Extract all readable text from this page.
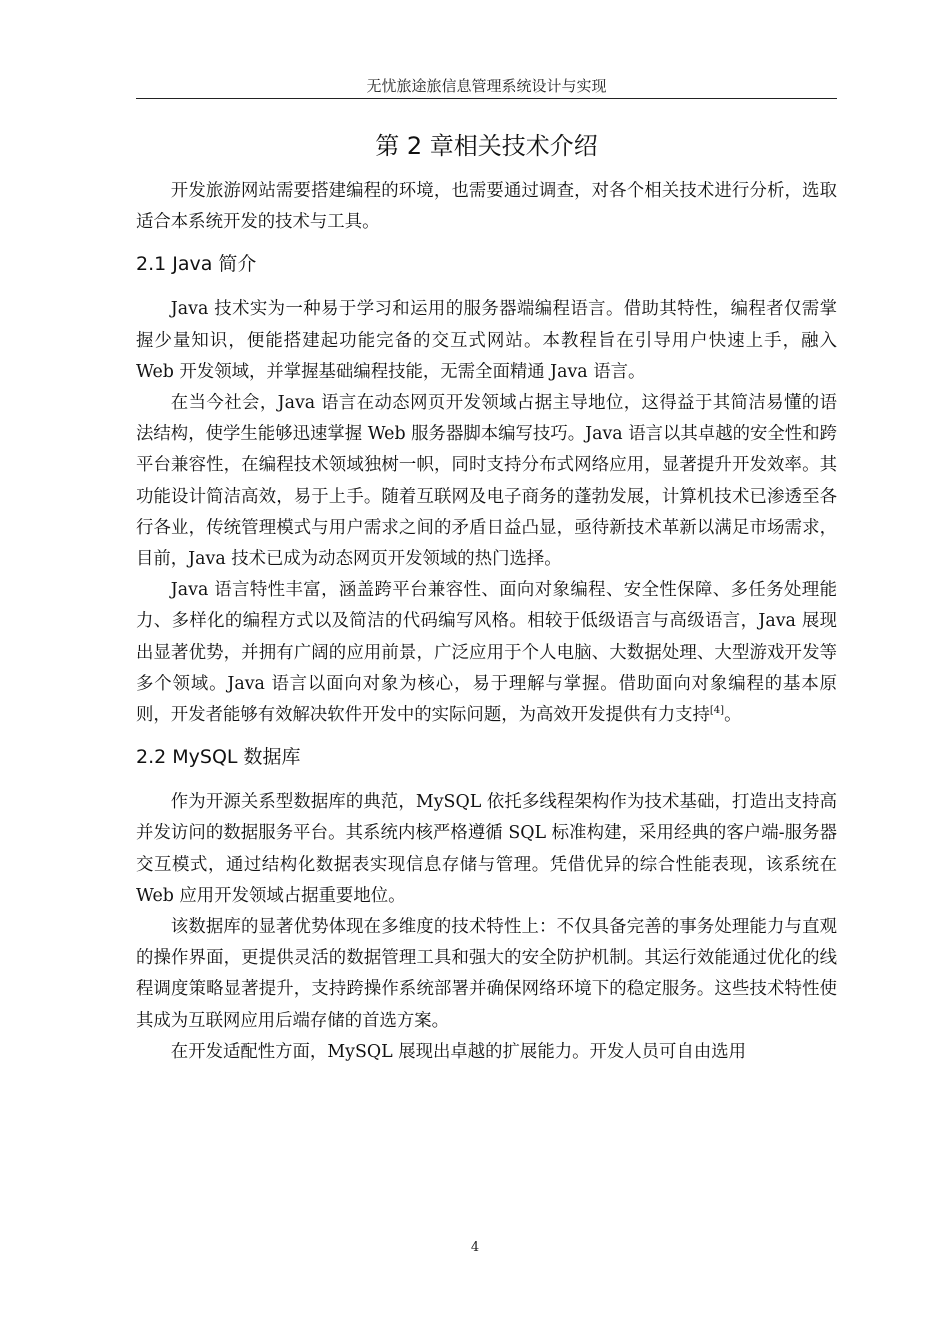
无忧旅途旅信息管理系统设计与实现
第 2 章相关技术介绍

开发旅游网站需要搭建编程的环境，也需要通过调查，对各个相关技术进行分析，选取适合本系统开发的技术与工具。

2.1 Java 简介

Java 技术实为一种易于学习和运用的服务器端编程语言。借助其特性，编程者仅需掌握少量知识，便能搭建起功能完备的交互式网站。本教程旨在引导用户快速上手，融入 Web 开发领域，并掌握基础编程技能，无需全面精通 Java 语言。

在当今社会，Java 语言在动态网页开发领域占据主导地位，这得益于其简洁易懂的语法结构，使学生能够迅速掌握 Web 服务器脚本编写技巧。Java 语言以其卓越的安全性和跨平台兼容性，在编程技术领域独树一帜，同时支持分布式网络应用，显著提升开发效率。其功能设计简洁高效，易于上手。随着互联网及电子商务的蓬勃发展，计算机技术已渗透至各行各业，传统管理模式与用户需求之间的矛盾日益凸显，亟待新技术革新以满足市场需求，目前，Java 技术已成为动态网页开发领域的热门选择。

Java 语言特性丰富，涵盖跨平台兼容性、面向对象编程、安全性保障、多任务处理能力、多样化的编程方式以及简洁的代码编写风格。相较于低级语言与高级语言，Java 展现出显著优势，并拥有广阔的应用前景，广泛应用于个人电脑、大数据处理、大型游戏开发等多个领域。Java 语言以面向对象为核心，易于理解与掌握。借助面向对象编程的基本原则，开发者能够有效解决软件开发中的实际问题，为高效开发提供有力支持[4]。

2.2 MySQL 数据库

作为开源关系型数据库的典范，MySQL 依托多线程架构作为技术基础，打造出支持高并发访问的数据服务平台。其系统内核严格遵循 SQL 标准构建，采用经典的客户端-服务器交互模式，通过结构化数据表实现信息存储与管理。凭借优异的综合性能表现，该系统在 Web 应用开发领域占据重要地位。

该数据库的显著优势体现在多维度的技术特性上：不仅具备完善的事务处理能力与直观的操作界面，更提供灵活的数据管理工具和强大的安全防护机制。其运行效能通过优化的线程调度策略显著提升，支持跨操作系统部署并确保网络环境下的稳定服务。这些技术特性使其成为互联网应用后端存储的首选方案。

在开发适配性方面，MySQL 展现出卓越的扩展能力。开发人员可自由选用

4
